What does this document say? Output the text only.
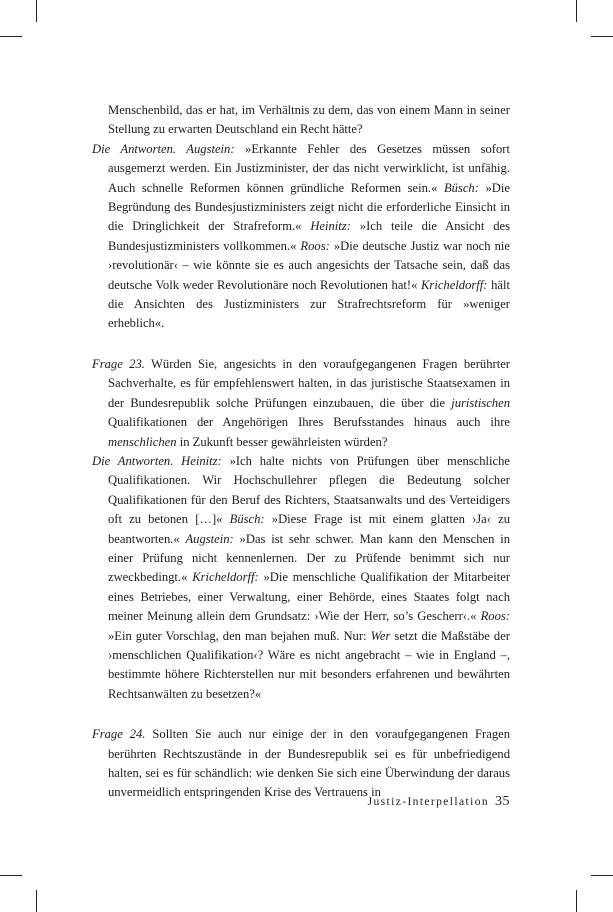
Menschenbild, das er hat, im Verhältnis zu dem, das von einem Mann in seiner Stellung zu erwarten Deutschland ein Recht hätte?

Die Antworten. Augstein: »Erkannte Fehler des Gesetzes müssen sofort ausgemerzt werden. Ein Justizminister, der das nicht verwirklicht, ist unfähig. Auch schnelle Reformen können gründliche Reformen sein.« Büsch: »Die Begründung des Bundesjustizministers zeigt nicht die erforderliche Einsicht in die Dringlichkeit der Strafreform.« Heinitz: »Ich teile die Ansicht des Bundesjustizministers vollkommen.« Roos: »Die deutsche Justiz war noch nie ›revolutionär‹ – wie könnte sie es auch angesichts der Tatsache sein, daß das deutsche Volk weder Revolutionäre noch Revolutionen hat!« Kricheldorff: hält die Ansichten des Justizministers zur Strafrechtsreform für »weniger erheblich«.

Frage 23. Würden Sie, angesichts in den voraufgegangenen Fragen berührter Sachverhalte, es für empfehlenswert halten, in das juristische Staatsexamen in der Bundesrepublik solche Prüfungen einzubauen, die über die juristischen Qualifikationen der Angehörigen Ihres Berufsstandes hinaus auch ihre menschlichen in Zukunft besser gewährleisten würden?

Die Antworten. Heinitz: »Ich halte nichts von Prüfungen über menschliche Qualifikationen. Wir Hochschullehrer pflegen die Bedeutung solcher Qualifikationen für den Beruf des Richters, Staatsanwalts und des Verteidigers oft zu betonen […]« Büsch: »Diese Frage ist mit einem glatten ›Ja‹ zu beantworten.« Augstein: »Das ist sehr schwer. Man kann den Menschen in einer Prüfung nicht kennenlernen. Der zu Prüfende benimmt sich nur zweckbedingt.« Kricheldorff: »Die menschliche Qualifikation der Mitarbeiter eines Betriebes, einer Verwaltung, einer Behörde, eines Staates folgt nach meiner Meinung allein dem Grundsatz: ›Wie der Herr, so’s Gescherr‹.« Roos: »Ein guter Vorschlag, den man bejahen muß. Nur: Wer setzt die Maßstäbe der ›menschlichen Qualifikation‹? Wäre es nicht angebracht – wie in England –, bestimmte höhere Richterstellen nur mit besonders erfahrenen und bewährten Rechtsanwälten zu besetzen?«

Frage 24. Sollten Sie auch nur einige der in den voraufgegangenen Fragen berührten Rechtszustände in der Bundesrepublik sei es für unbefriedigend halten, sei es für schändlich: wie denken Sie sich eine Überwindung der daraus unvermeidlich entspringenden Krise des Vertrauens in

Justiz-Interpellation 35
